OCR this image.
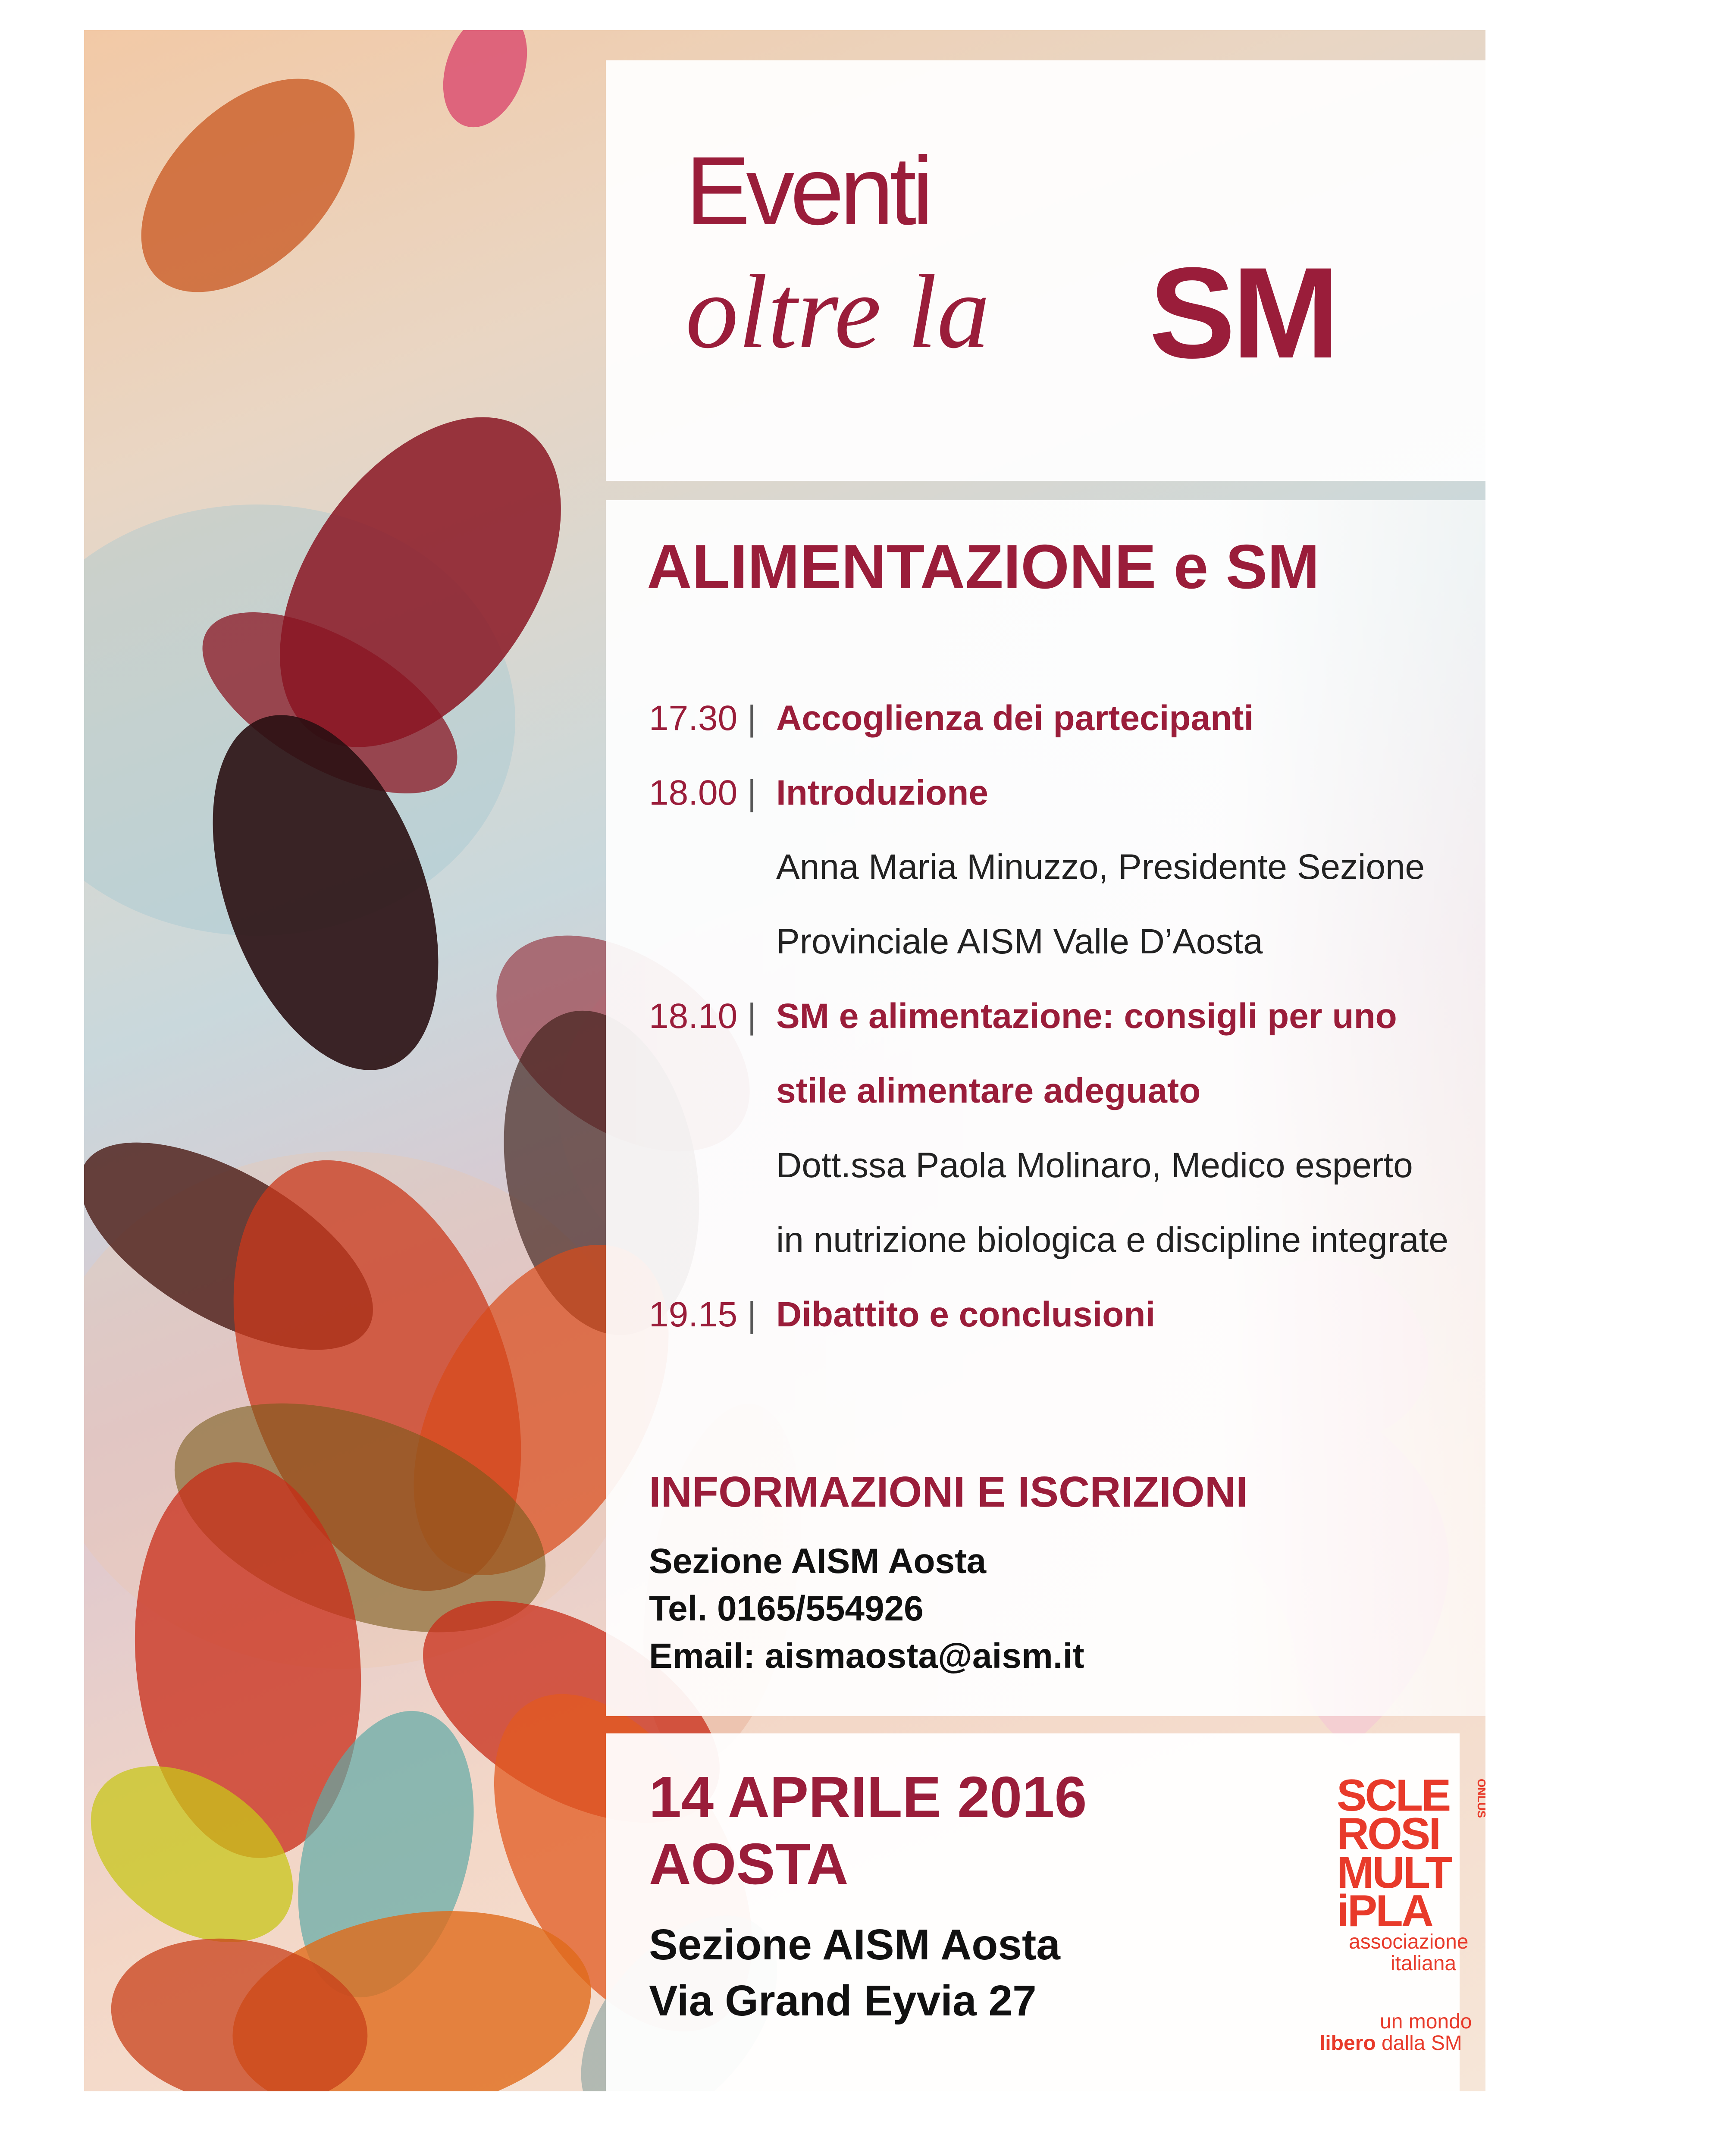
Eventi
oltre la SM
ALIMENTAZIONE e SM
17.30 | Accoglienza dei partecipanti
18.00 | Introduzione
Anna Maria Minuzzo, Presidente Sezione
Provinciale AISM Valle D’Aosta
18.10 | SM e alimentazione: consigli per uno
stile alimentare adeguato
Dott.ssa Paola Molinaro, Medico esperto
in nutrizione biologica e discipline integrate
19.15 | Dibattito e conclusioni
INFORMAZIONI E ISCRIZIONI
Sezione AISM Aosta
Tel. 0165/554926
Email: aismaosta@aism.it
14 APRILE 2016
AOSTA
Sezione AISM Aosta
Via Grand Eyvia 27
SCLE
ROSI
MULT
iPLA
ONLUS
associazione
italiana
un mondo
libero dalla SM
